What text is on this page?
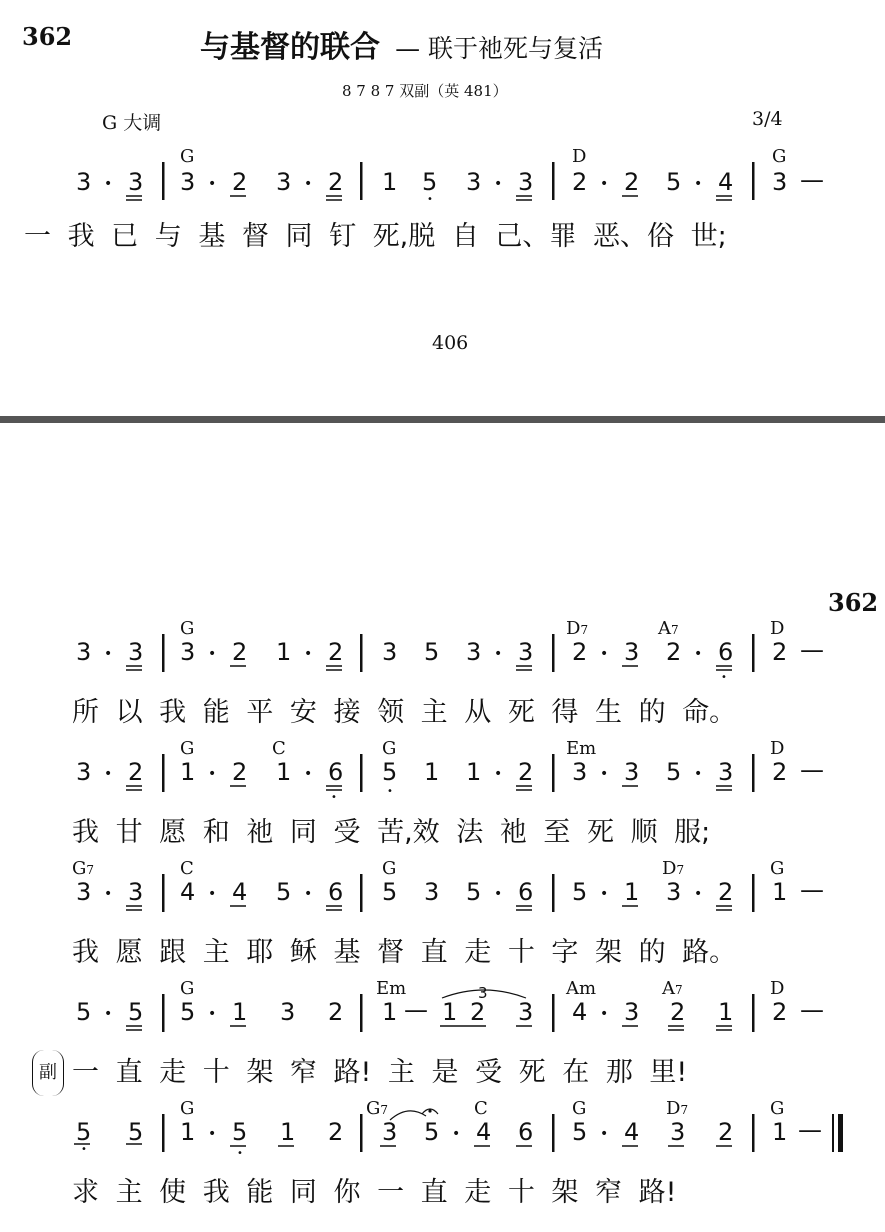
362	与基督的联合 — 联于祂死与复活
8 7 8 7 双副（英 481）
G 大调	3/4
G	D	G
3 • 3 3 • 2 3 • 2 1 5
•
3 • 3 2 • 2 5 • 4 3 —
一 我 已 与 基 督 同 钉 死,脱 自 己、罪 恶、俗 世;
406
362
G	D7	A7	D
3 • 3 3 • 2 1 • 2 3 5 3 • 3 2 • 3 2 • 6
•
2 —
所 以 我 能 平 安 接 领 主 从 死 得 生 的 命。
G	C	G	Em	D
3 • 2 1 • 2 1 • 6
•
5
•
1 1 • 2 3 • 3 5 • 3 2 —
我 甘 愿 和 祂 同 受 苦,效 法 祂 至 死 顺 服;
G7	C	G	D7	G
3 • 3 4 • 4 5 • 6 5 3 5 • 6 5 • 1 3 • 2 1 —
我 愿 跟 主 耶 稣 基 督 直 走 十 字 架 的 路。
G	Em	Am	A7	D
3
5 • 5 5 • 1 3 2 1 — 1 2 3 4 • 3 2 1 2 —
副 一 直 走 十 架 窄 路! 主 是 受 死 在 那 里!
G	G7	C	G	D7	G
5
•
5 1 • 5
•
1 2 3 5 • 4 6 5 • 4 3 2 1 —
求 主 使 我 能 同 你 一 直 走 十 架 窄 路!
